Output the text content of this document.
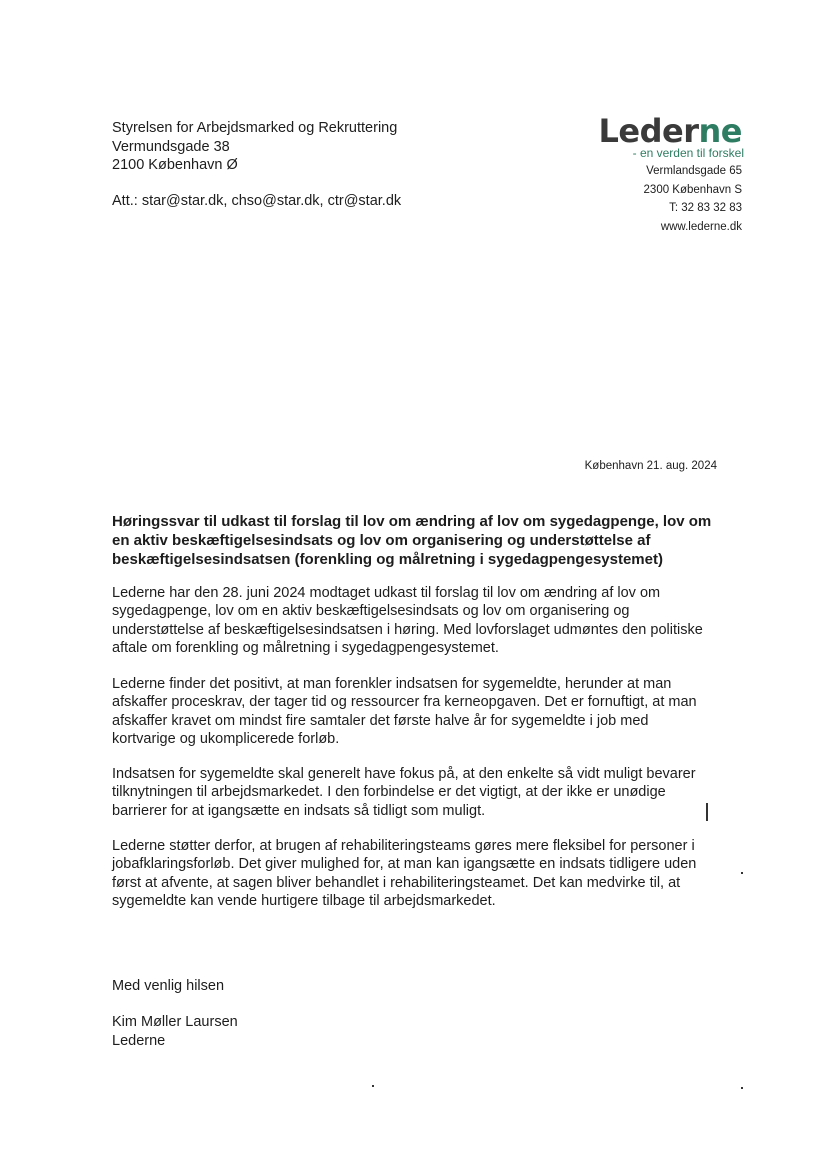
Styrelsen for Arbejdsmarked og Rekruttering
Vermundsgade 38
2100 København Ø
Att.: star@star.dk, chso@star.dk, ctr@star.dk
Lederne
- en verden til forskel
Vermlandsgade 65
2300 København S
T: 32 83 32 83
www.lederne.dk
København 21. aug. 2024
Høringssvar til udkast til forslag til lov om ændring af lov om sygedagpenge, lov om en aktiv beskæftigelsesindsats og lov om organisering og understøttelse af beskæftigelsesindsatsen (forenkling og målretning i sygedagpengesystemet)
Lederne har den 28. juni 2024 modtaget udkast til forslag til lov om ændring af lov om sygedagpenge, lov om en aktiv beskæftigelsesindsats og lov om organisering og understøttelse af beskæftigelsesindsatsen i høring. Med lovforslaget udmøntes den politiske aftale om forenkling og målretning i sygedagpengesystemet.
Lederne finder det positivt, at man forenkler indsatsen for sygemeldte, herunder at man afskaffer proceskrav, der tager tid og ressourcer fra kerneopgaven. Det er fornuftigt, at man afskaffer kravet om mindst fire samtaler det første halve år for sygemeldte i job med kortvarige og ukomplicerede forløb.
Indsatsen for sygemeldte skal generelt have fokus på, at den enkelte så vidt muligt bevarer tilknytningen til arbejdsmarkedet. I den forbindelse er det vigtigt, at der ikke er unødige barrierer for at igangsætte en indsats så tidligt som muligt.
Lederne støtter derfor, at brugen af rehabiliteringsteams gøres mere fleksibel for personer i jobafklaringsforløb. Det giver mulighed for, at man kan igangsætte en indsats tidligere uden først at afvente, at sagen bliver behandlet i rehabiliteringsteamet. Det kan medvirke til, at sygemeldte kan vende hurtigere tilbage til arbejdsmarkedet.
Med venlig hilsen
Kim Møller Laursen
Lederne
